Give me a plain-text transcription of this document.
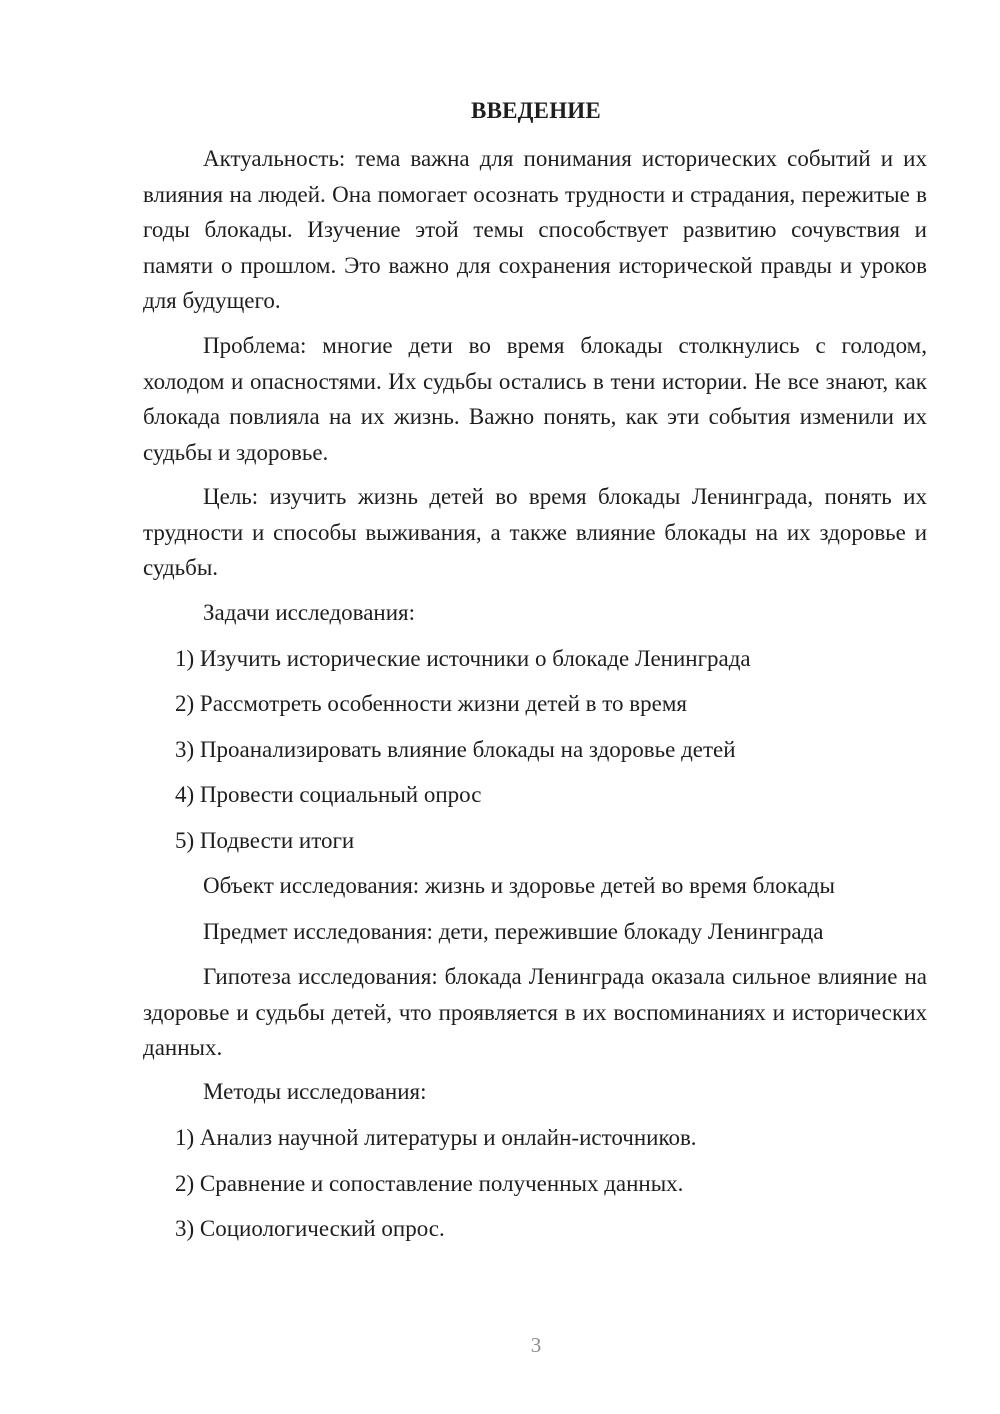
ВВЕДЕНИЕ

Актуальность: тема важна для понимания исторических событий и их влияния на людей. Она помогает осознать трудности и страдания, пережитые в годы блокады. Изучение этой темы способствует развитию сочувствия и памяти о прошлом. Это важно для сохранения исторической правды и уроков для будущего.

Проблема: многие дети во время блокады столкнулись с голодом, холодом и опасностями. Их судьбы остались в тени истории. Не все знают, как блокада повлияла на их жизнь. Важно понять, как эти события изменили их судьбы и здоровье.

Цель: изучить жизнь детей во время блокады Ленинграда, понять их трудности и способы выживания, а также влияние блокады на их здоровье и судьбы.

Задачи исследования:

1) Изучить исторические источники о блокаде Ленинграда

2) Рассмотреть особенности жизни детей в то время

3) Проанализировать влияние блокады на здоровье детей

4) Провести социальный опрос

5) Подвести итоги

Объект исследования: жизнь и здоровье детей во время блокады

Предмет исследования: дети, пережившие блокаду Ленинграда

Гипотеза исследования: блокада Ленинграда оказала сильное влияние на здоровье и судьбы детей, что проявляется в их воспоминаниях и исторических данных.

Методы исследования:

1) Анализ научной литературы и онлайн-источников.

2) Сравнение и сопоставление полученных данных.

3) Социологический опрос.

3
